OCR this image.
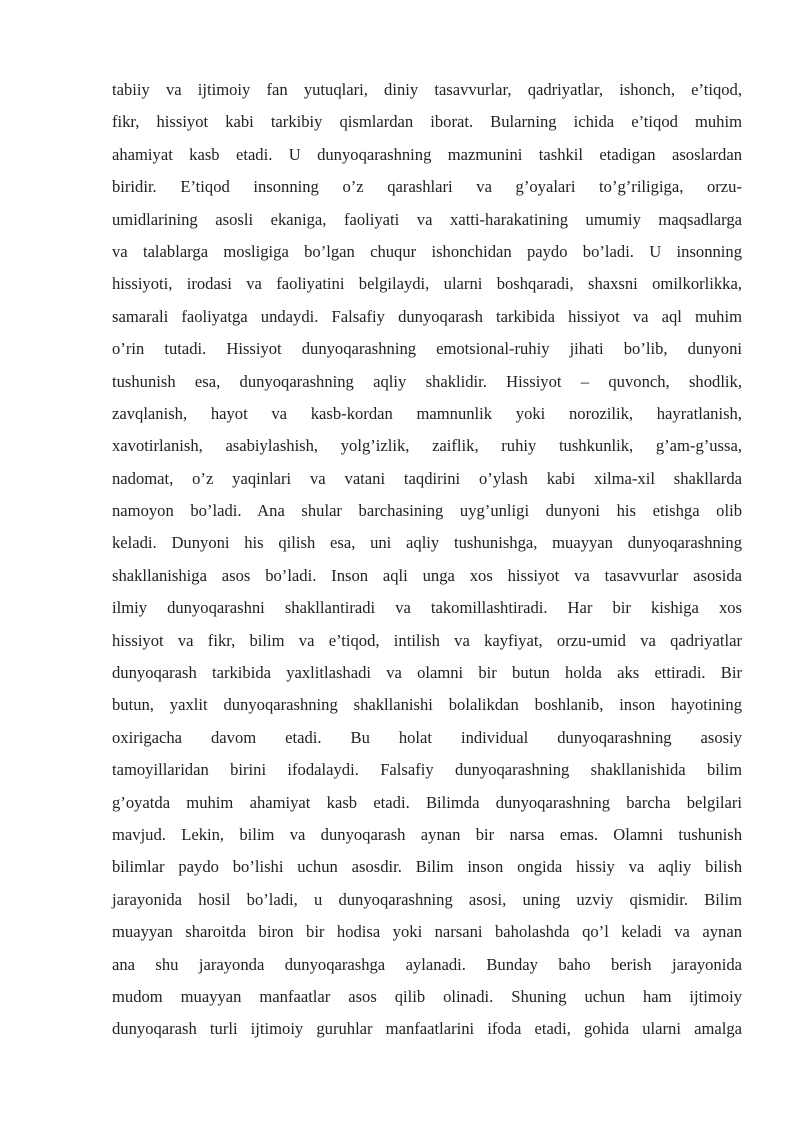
tabiiy va ijtimoiy fan yutuqlari, diniy tasavvurlar, qadriyatlar, ishonch, e’tiqod,
fikr, hissiyot kabi tarkibiy qismlardan iborat. Bularning ichida e’tiqod muhim
ahamiyat kasb etadi. U dunyoqarashning mazmunini tashkil etadigan asoslardan
biridir. E’tiqod insonning o’z qarashlari va g’oyalari to’g’riligiga, orzu-
umidlarining asosli ekaniga, faoliyati va xatti-harakatining umumiy maqsadlarga
va talablarga mosligiga bo’lgan chuqur ishonchidan paydo bo’ladi. U insonning
hissiyoti, irodasi va faoliyatini belgilaydi, ularni boshqaradi, shaxsni omilkorlikka,
samarali faoliyatga undaydi. Falsafiy dunyoqarash tarkibida hissiyot va aql muhim
o’rin tutadi. Hissiyot dunyoqarashning emotsional-ruhiy jihati bo’lib, dunyoni
tushunish esa, dunyoqarashning aqliy shaklidir. Hissiyot – quvonch, shodlik,
zavqlanish, hayot va kasb-kordan mamnunlik yoki norozilik, hayratlanish,
xavotirlanish, asabiylashish, yolg’izlik, zaiflik, ruhiy tushkunlik, g’am-g’ussa,
nadomat, o’z yaqinlari va vatani taqdirini o’ylash kabi xilma-xil shakllarda
namoyon bo’ladi. Ana shular barchasining uyg’unligi dunyoni his etishga olib
keladi. Dunyoni his qilish esa, uni aqliy tushunishga, muayyan dunyoqarashning
shakllanishiga asos bo’ladi. Inson aqli unga xos hissiyot va tasavvurlar asosida
ilmiy dunyoqarashni shakllantiradi va takomillashtiradi. Har bir kishiga xos
hissiyot va fikr, bilim va e’tiqod, intilish va kayfiyat, orzu-umid va qadriyatlar
dunyoqarash tarkibida yaxlitlashadi va olamni bir butun holda aks ettiradi. Bir
butun, yaxlit dunyoqarashning shakllanishi bolalikdan boshlanib, inson hayotining
oxirigacha davom etadi. Bu holat individual dunyoqarashning asosiy
tamoyillaridan birini ifodalaydi. Falsafiy dunyoqarashning shakllanishida bilim
g’oyatda muhim ahamiyat kasb etadi. Bilimda dunyoqarashning barcha belgilari
mavjud. Lekin, bilim va dunyoqarash aynan bir narsa emas. Olamni tushunish
bilimlar paydo bo’lishi uchun asosdir. Bilim inson ongida hissiy va aqliy bilish
jarayonida hosil bo’ladi, u dunyoqarashning asosi, uning uzviy qismidir. Bilim
muayyan sharoitda biron bir hodisa yoki narsani baholashda qo’l keladi va aynan
ana shu jarayonda dunyoqarashga aylanadi. Bunday baho berish jarayonida
mudom muayyan manfaatlar asos qilib olinadi. Shuning uchun ham ijtimoiy
dunyoqarash turli ijtimoiy guruhlar manfaatlarini ifoda etadi, gohida ularni amalga
